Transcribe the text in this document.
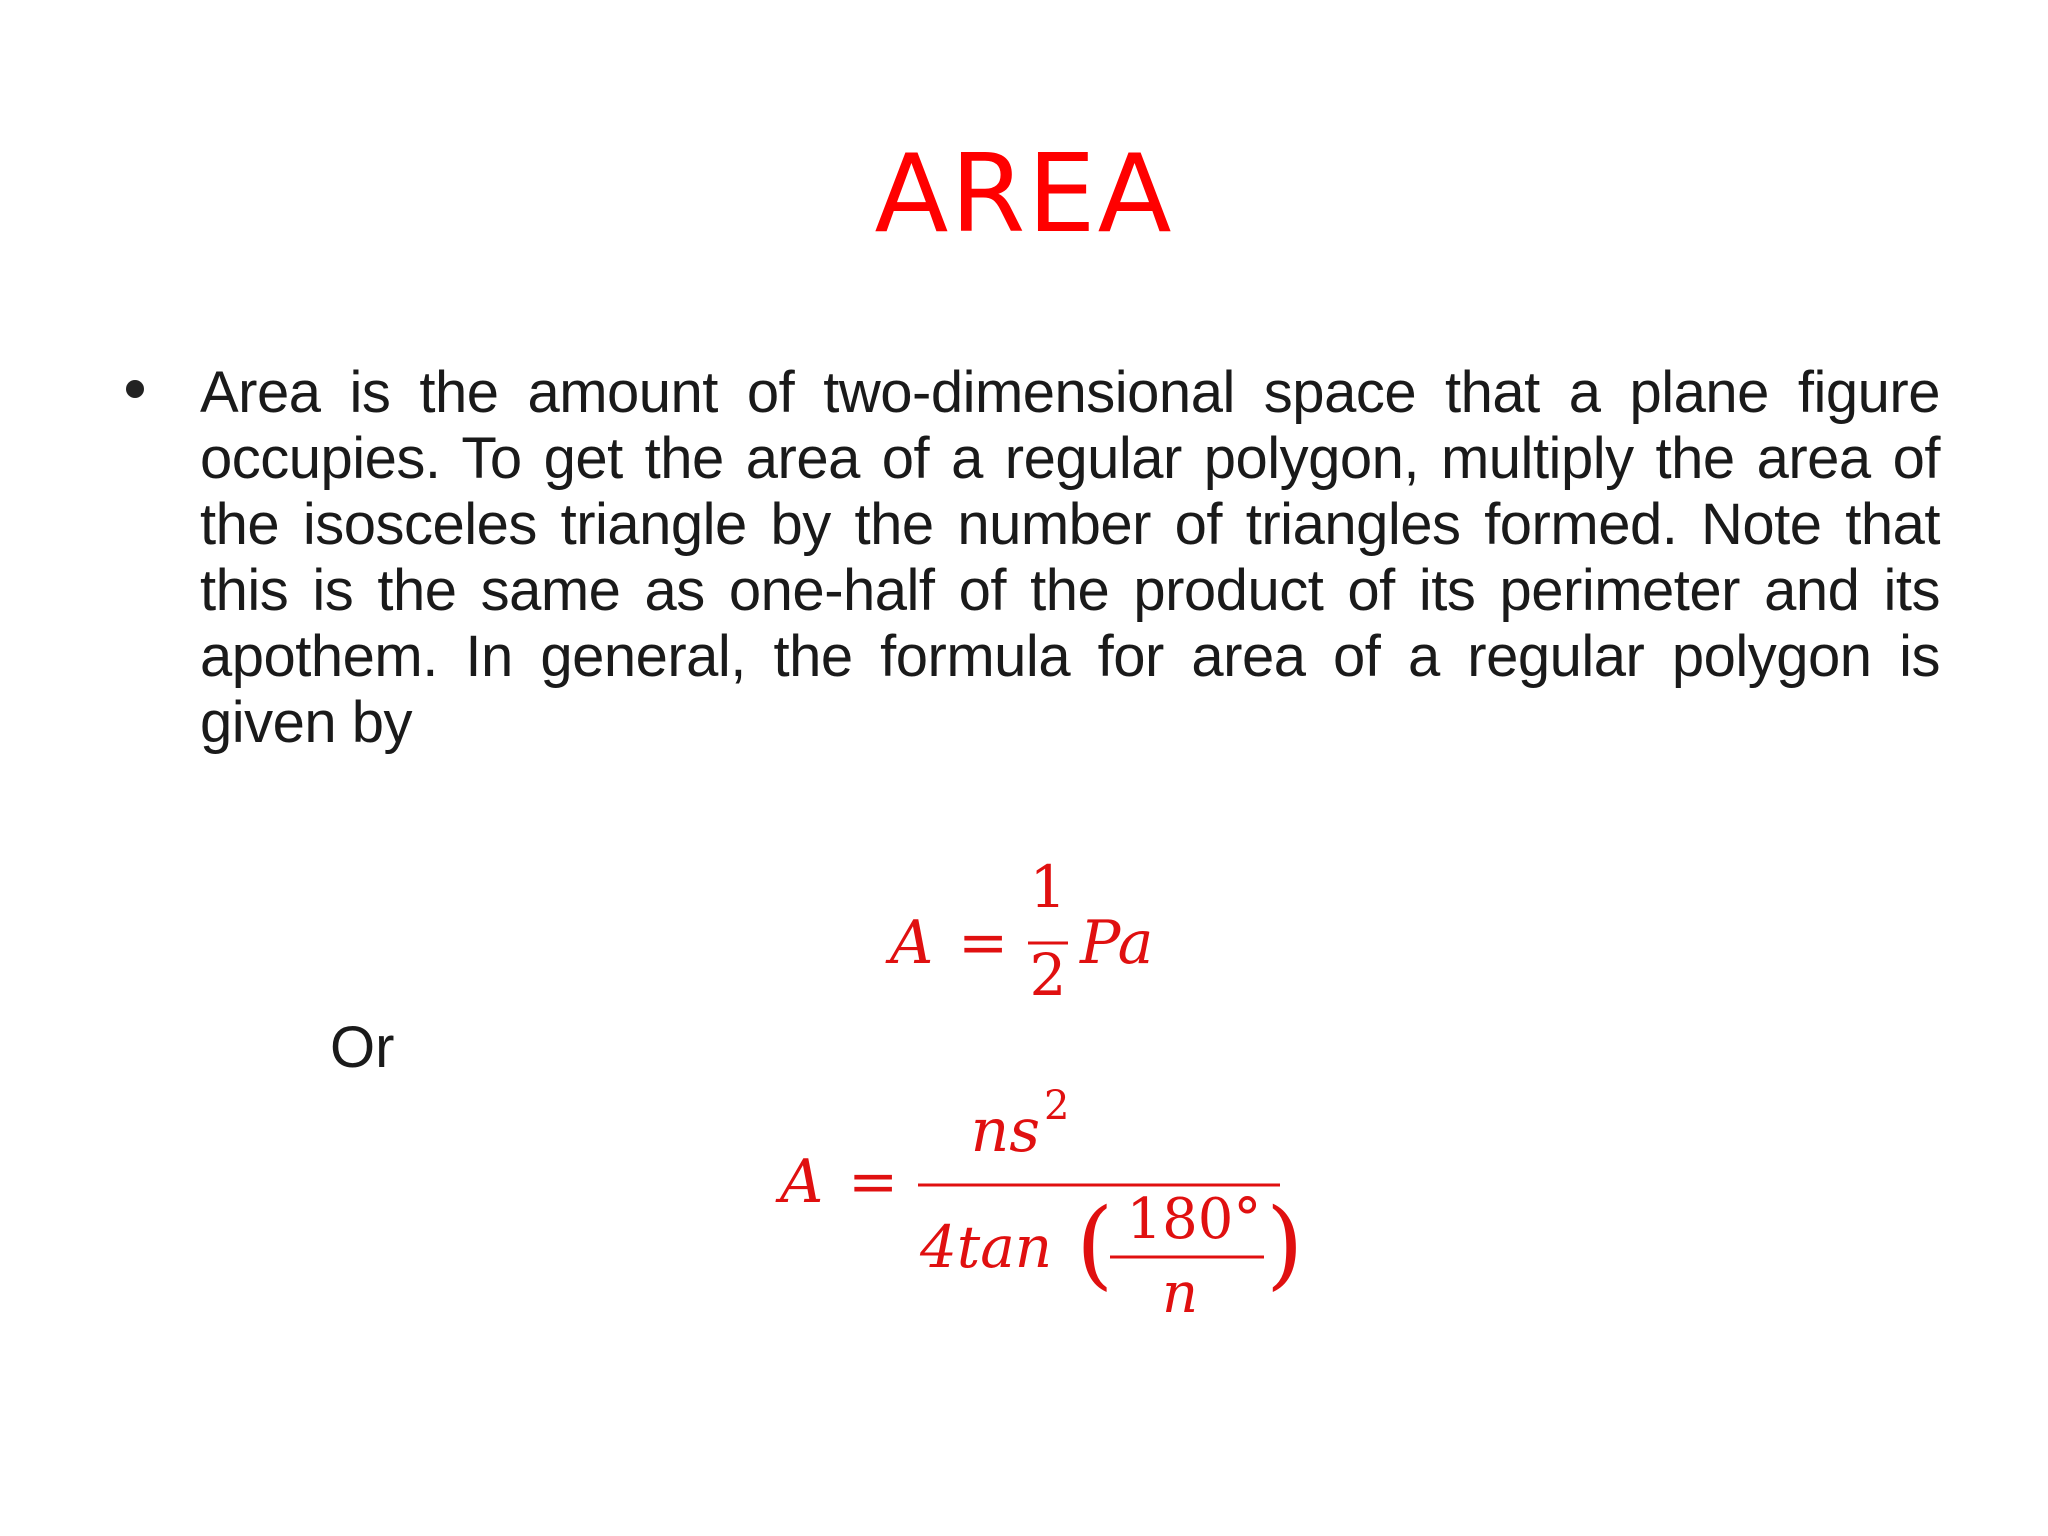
AREA
Area is the amount of two-dimensional space that a plane figure occupies. To get the area of a regular polygon, multiply the area of the isosceles triangle by the number of triangles formed. Note that this is the same as one-half of the product of its perimeter and its apothem. In general, the formula for area of a regular polygon is given by
A =
1
2 Pa
Or
A =
ns 2
4tan ( 180°
n )
